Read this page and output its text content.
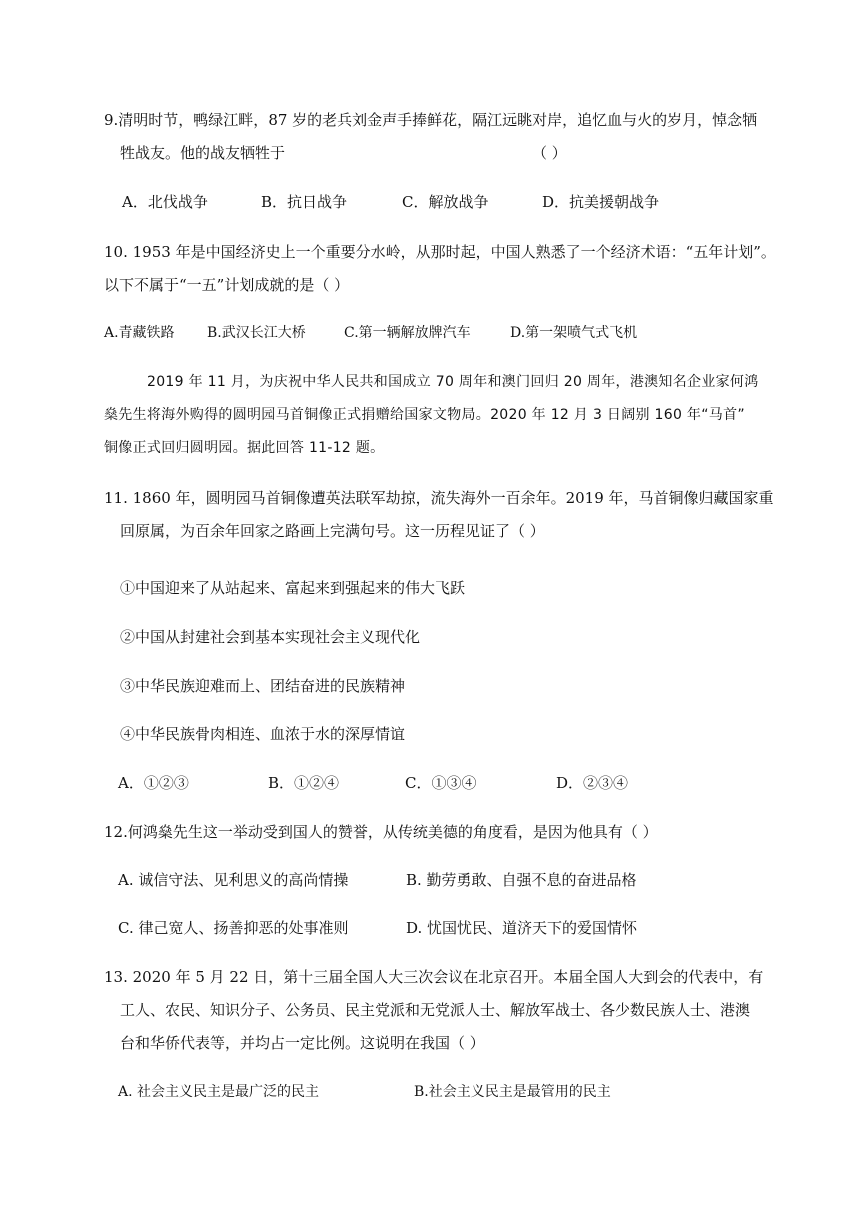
9.清明时节，鸭绿江畔，87 岁的老兵刘金声手捧鲜花，隔江远眺对岸，追忆血与火的岁月，悼念牺
牲战友。他的战友牺牲于	（ ）
A．北伐战争	B．抗日战争	C．解放战争	D．抗美援朝战争
10. 1953 年是中国经济史上一个重要分水岭，从那时起，中国人熟悉了一个经济术语：“五年计划”。
以下不属于“一五”计划成就的是（ ）
A.青藏铁路 B.武汉长江大桥	C.第一辆解放牌汽车	D.第一架喷气式飞机
2019 年 11 月，为庆祝中华人民共和国成立 70 周年和澳门回归 20 周年，港澳知名企业家何鸿
燊先生将海外购得的圆明园马首铜像正式捐赠给国家文物局。2020 年 12 月 3 日阔别 160 年“马首”
铜像正式回归圆明园。据此回答 11-12 题。
11. 1860 年，圆明园马首铜像遭英法联军劫掠，流失海外一百余年。2019 年，马首铜像归藏国家重
回原属，为百余年回家之路画上完满句号。这一历程见证了（ ）
①中国迎来了从站起来、富起来到强起来的伟大飞跃
②中国从封建社会到基本实现社会主义现代化
③中华民族迎难而上、团结奋进的民族精神
④中华民族骨肉相连、血浓于水的深厚情谊
A．①②③	B．①②④	C．①③④	D．②③④
12.何鸿燊先生这一举动受到国人的赞誉，从传统美德的角度看，是因为他具有（ ）
A. 诚信守法、见利思义的高尚情操	B. 勤劳勇敢、自强不息的奋进品格
C. 律己宽人、扬善抑恶的处事准则	D. 忧国忧民、道济天下的爱国情怀
13. 2020 年 5 月 22 日，第十三届全国人大三次会议在北京召开。本届全国人大到会的代表中，有
工人、农民、知识分子、公务员、民主党派和无党派人士、解放军战士、各少数民族人士、港澳
台和华侨代表等，并均占一定比例。这说明在我国（ ）
A. 社会主义民主是最广泛的民主	B.社会主义民主是最管用的民主
